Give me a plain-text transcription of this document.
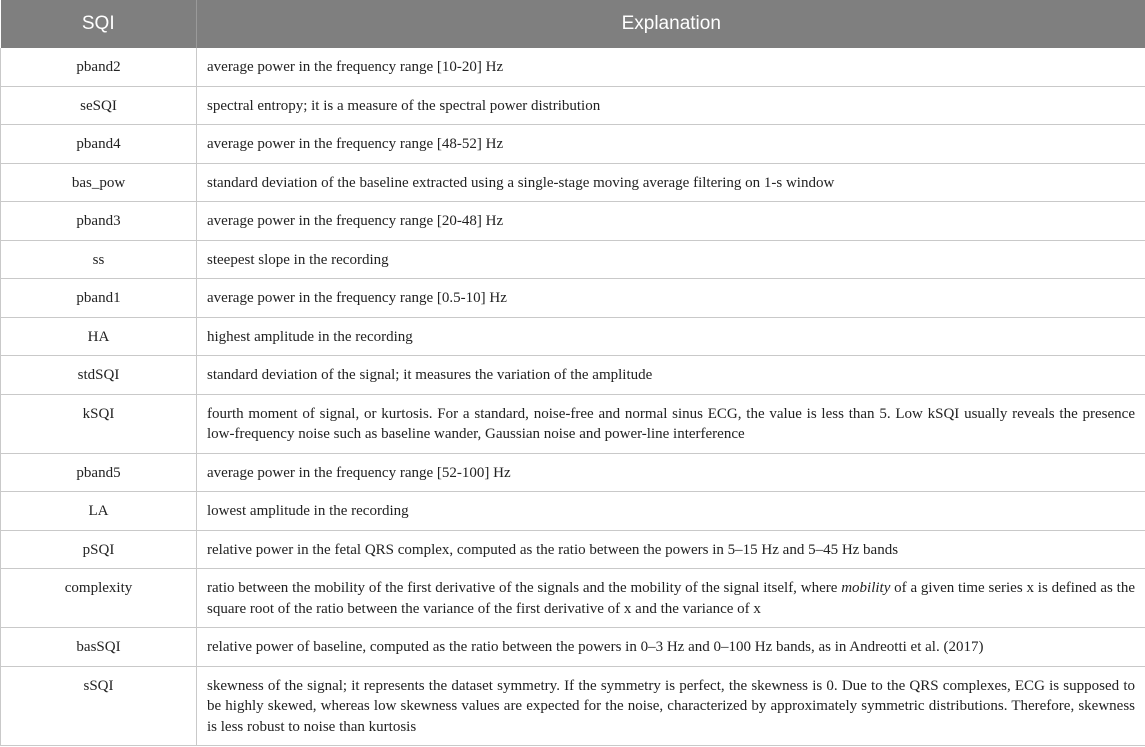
SQI	Explanation
pband2	average power in the frequency range [10-20] Hz
seSQI	spectral entropy; it is a measure of the spectral power distribution
pband4	average power in the frequency range [48-52] Hz
bas_pow	standard deviation of the baseline extracted using a single-stage moving average filtering on 1-s window
pband3	average power in the frequency range [20-48] Hz
ss	steepest slope in the recording
pband1	average power in the frequency range [0.5-10] Hz
HA	highest amplitude in the recording
stdSQI	standard deviation of the signal; it measures the variation of the amplitude
kSQI	fourth moment of signal, or kurtosis. For a standard, noise-free and normal sinus ECG, the value is less than 5. Low kSQI usually reveals the presence low-frequency noise such as baseline wander, Gaussian noise and power-line interference
pband5	average power in the frequency range [52-100] Hz
LA	lowest amplitude in the recording
pSQI	relative power in the fetal QRS complex, computed as the ratio between the powers in 5–15 Hz and 5–45 Hz bands
complexity	ratio between the mobility of the first derivative of the signals and the mobility of the signal itself, where mobility of a given time series x is defined as the square root of the ratio between the variance of the first derivative of x and the variance of x
basSQI	relative power of baseline, computed as the ratio between the powers in 0–3 Hz and 0–100 Hz bands, as in Andreotti et al. (2017)
sSQI	skewness of the signal; it represents the dataset symmetry. If the symmetry is perfect, the skewness is 0. Due to the QRS complexes, ECG is supposed to be highly skewed, whereas low skewness values are expected for the noise, characterized by approximately symmetric distributions. Therefore, skewness is less robust to noise than kurtosis
